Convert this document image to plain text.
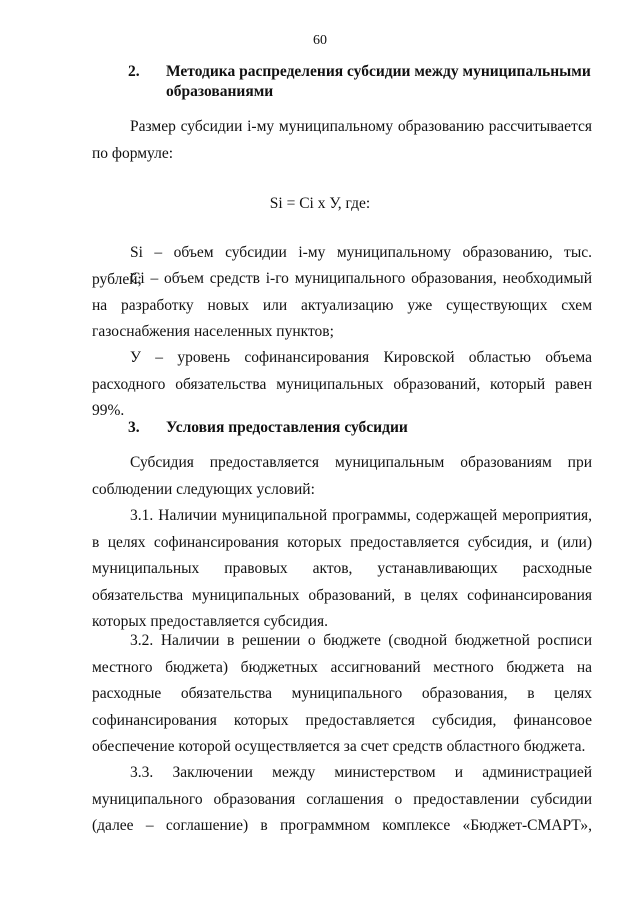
60
2. Методика распределения субсидии между муниципальными образованиями
Размер субсидии i-му муниципальному образованию рассчитывается по формуле:
Si = Ci x У, где:
Si – объем субсидии i-му муниципальному образованию, тыс. рублей;
Ci – объем средств i-го муниципального образования, необходимый на разработку новых или актуализацию уже существующих схем газоснабжения населенных пунктов;
У – уровень софинансирования Кировской областью объема расходного обязательства муниципальных образований, который равен 99%.
3. Условия предоставления субсидии
Субсидия предоставляется муниципальным образованиям при соблюдении следующих условий:
3.1. Наличии муниципальной программы, содержащей мероприятия, в целях софинансирования которых предоставляется субсидия, и (или) муниципальных правовых актов, устанавливающих расходные обязательства муниципальных образований, в целях софинансирования которых предоставляется субсидия.
3.2. Наличии в решении о бюджете (сводной бюджетной росписи местного бюджета) бюджетных ассигнований местного бюджета на расходные обязательства муниципального образования, в целях софинансирования которых предоставляется субсидия, финансовое обеспечение которой осуществляется за счет средств областного бюджета.
3.3. Заключении между министерством и администрацией муниципального образования соглашения о предоставлении субсидии (далее – соглашение) в программном комплексе «Бюджет-СМАРТ»,
